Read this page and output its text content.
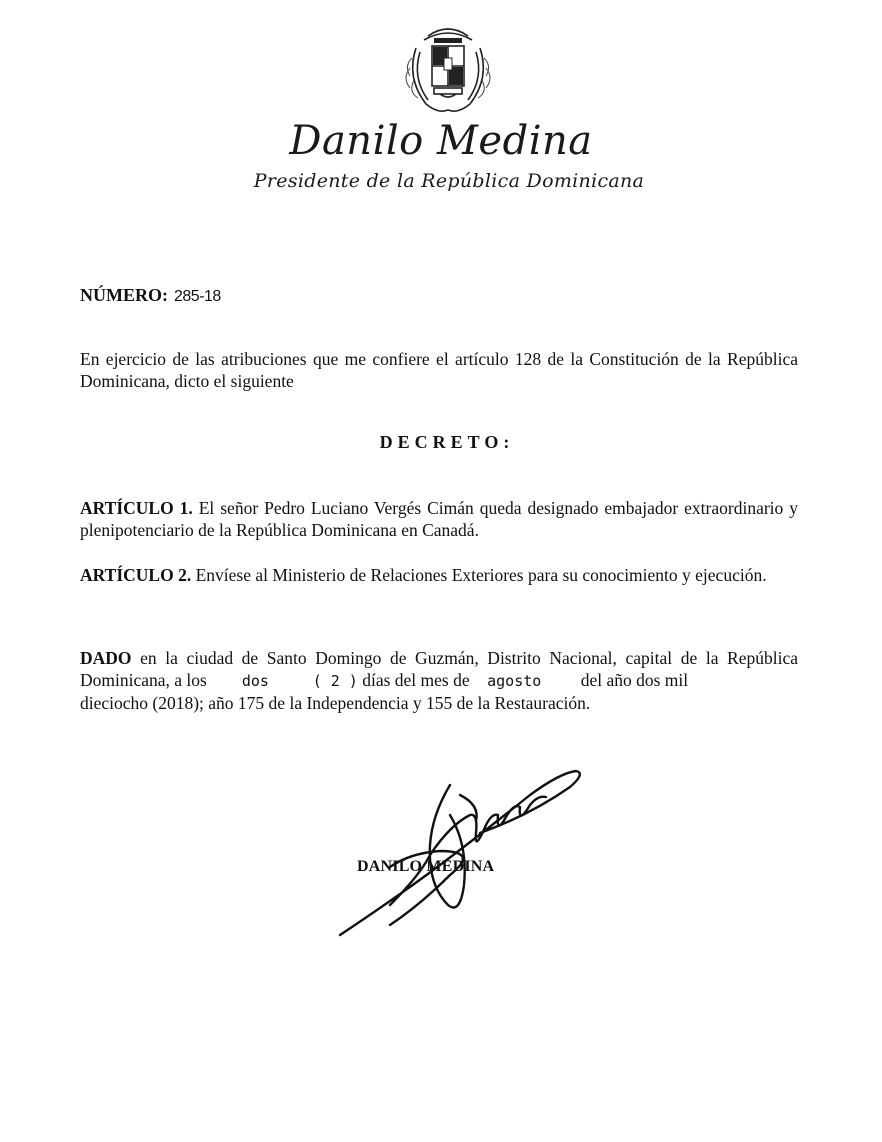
Danilo Medina
Presidente de la República Dominicana
NÚMERO: 285-18
En ejercicio de las atribuciones que me confiere el artículo 128 de la Constitución de la República Dominicana, dicto el siguiente
DECRETO:
ARTÍCULO 1. El señor Pedro Luciano Vergés Cimán queda designado embajador extraordinario y plenipotenciario de la República Dominicana en Canadá.
ARTÍCULO 2. Envíese al Ministerio de Relaciones Exteriores para su conocimiento y ejecución.
DADO en la ciudad de Santo Domingo de Guzmán, Distrito Nacional, capital de la República
Dominicana, a los dos	( 2 ) días del mes de agosto del año dos mil
dieciocho (2018); año 175 de la Independencia y 155 de la Restauración.
DANILO MEDINA
